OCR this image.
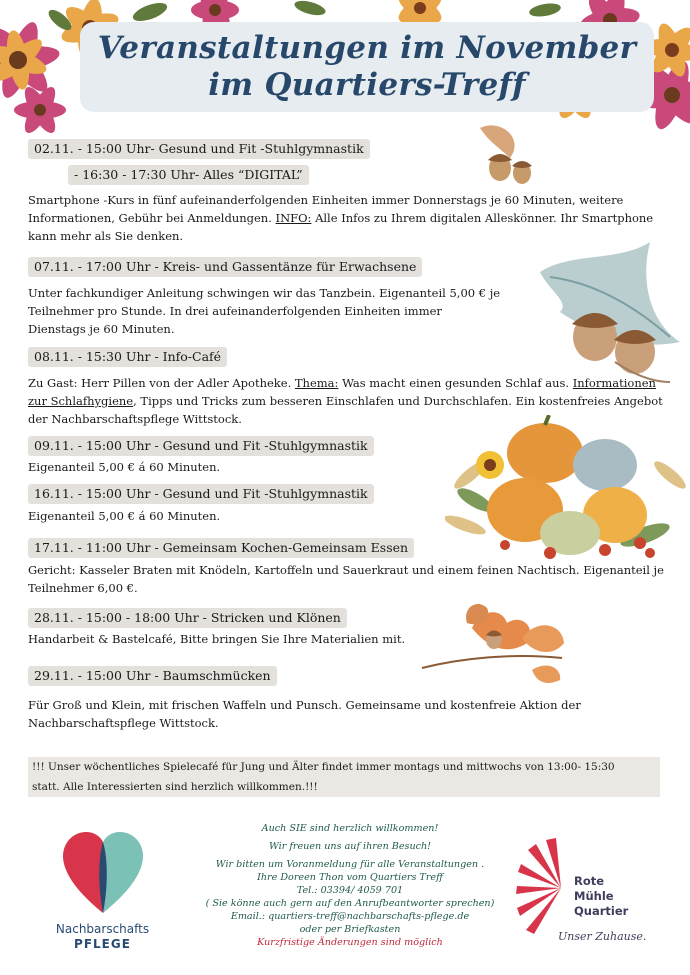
Veranstaltungen im November
im Quartiers-Treff
02.11. - 15:00 Uhr- Gesund und Fit -Stuhlgymnastik
- 16:30 - 17:30 Uhr- Alles “DIGITAL”
Smartphone -Kurs in fünf aufeinanderfolgenden Einheiten immer Donnerstags je 60 Minuten, weitere Informationen, Gebühr bei Anmeldungen. INFO: Alle Infos zu Ihrem digitalen Alleskönner. Ihr Smartphone kann mehr als Sie denken.
07.11. - 17:00 Uhr - Kreis- und Gassentänze für Erwachsene
Unter fachkundiger Anleitung schwingen wir das Tanzbein. Eigenanteil 5,00 € je
Teilnehmer pro Stunde. In drei aufeinanderfolgenden Einheiten immer
Dienstags je 60 Minuten.
08.11. - 15:30 Uhr - Info-Café
Zu Gast: Herr Pillen von der Adler Apotheke. Thema: Was macht einen gesunden Schlaf aus. Informationen zur Schlafhygiene, Tipps und Tricks zum besseren Einschlafen und Durchschlafen. Ein kostenfreies Angebot der Nachbarschaftspflege Wittstock.
09.11. - 15:00 Uhr - Gesund und Fit -Stuhlgymnastik
Eigenanteil 5,00 € á 60 Minuten.
16.11. - 15:00 Uhr - Gesund und Fit -Stuhlgymnastik
Eigenanteil 5,00 € á 60 Minuten.
17.11. - 11:00 Uhr - Gemeinsam Kochen-Gemeinsam Essen
Gericht: Kasseler Braten mit Knödeln, Kartoffeln und Sauerkraut und einem feinen Nachtisch. Eigenanteil je Teilnehmer 6,00 €.
28.11. - 15:00 - 18:00 Uhr - Stricken und Klönen
Handarbeit & Bastelcafé, Bitte bringen Sie Ihre Materialien mit.
29.11. - 15:00 Uhr - Baumschmücken
Für Groß und Klein, mit frischen Waffeln und Punsch. Gemeinsame und kostenfreie Aktion der Nachbarschaftspflege Wittstock.
!!! Unser wöchentliches Spielecafé für Jung und Älter findet immer montags und mittwochs von 13:00- 15:30
statt. Alle Interessierten sind herzlich willkommen.!!!
Nachbarschafts
PFLEGE
Auch SIE sind herzlich willkommen!
Wir freuen uns auf ihren Besuch!
Wir bitten um Voranmeldung für alle Veranstaltungen .
Ihre Doreen Thon vom Quartiers Treff
Tel.: 03394/ 4059 701
( Sie könne auch gern auf den Anrufbeantworter sprechen)
Email.: quartiers-treff@nachbarschafts-pflege.de
oder per Briefkasten
Kurzfristige Änderungen sind möglich
Rote
Mühle
Quartier
Unser Zuhause.
